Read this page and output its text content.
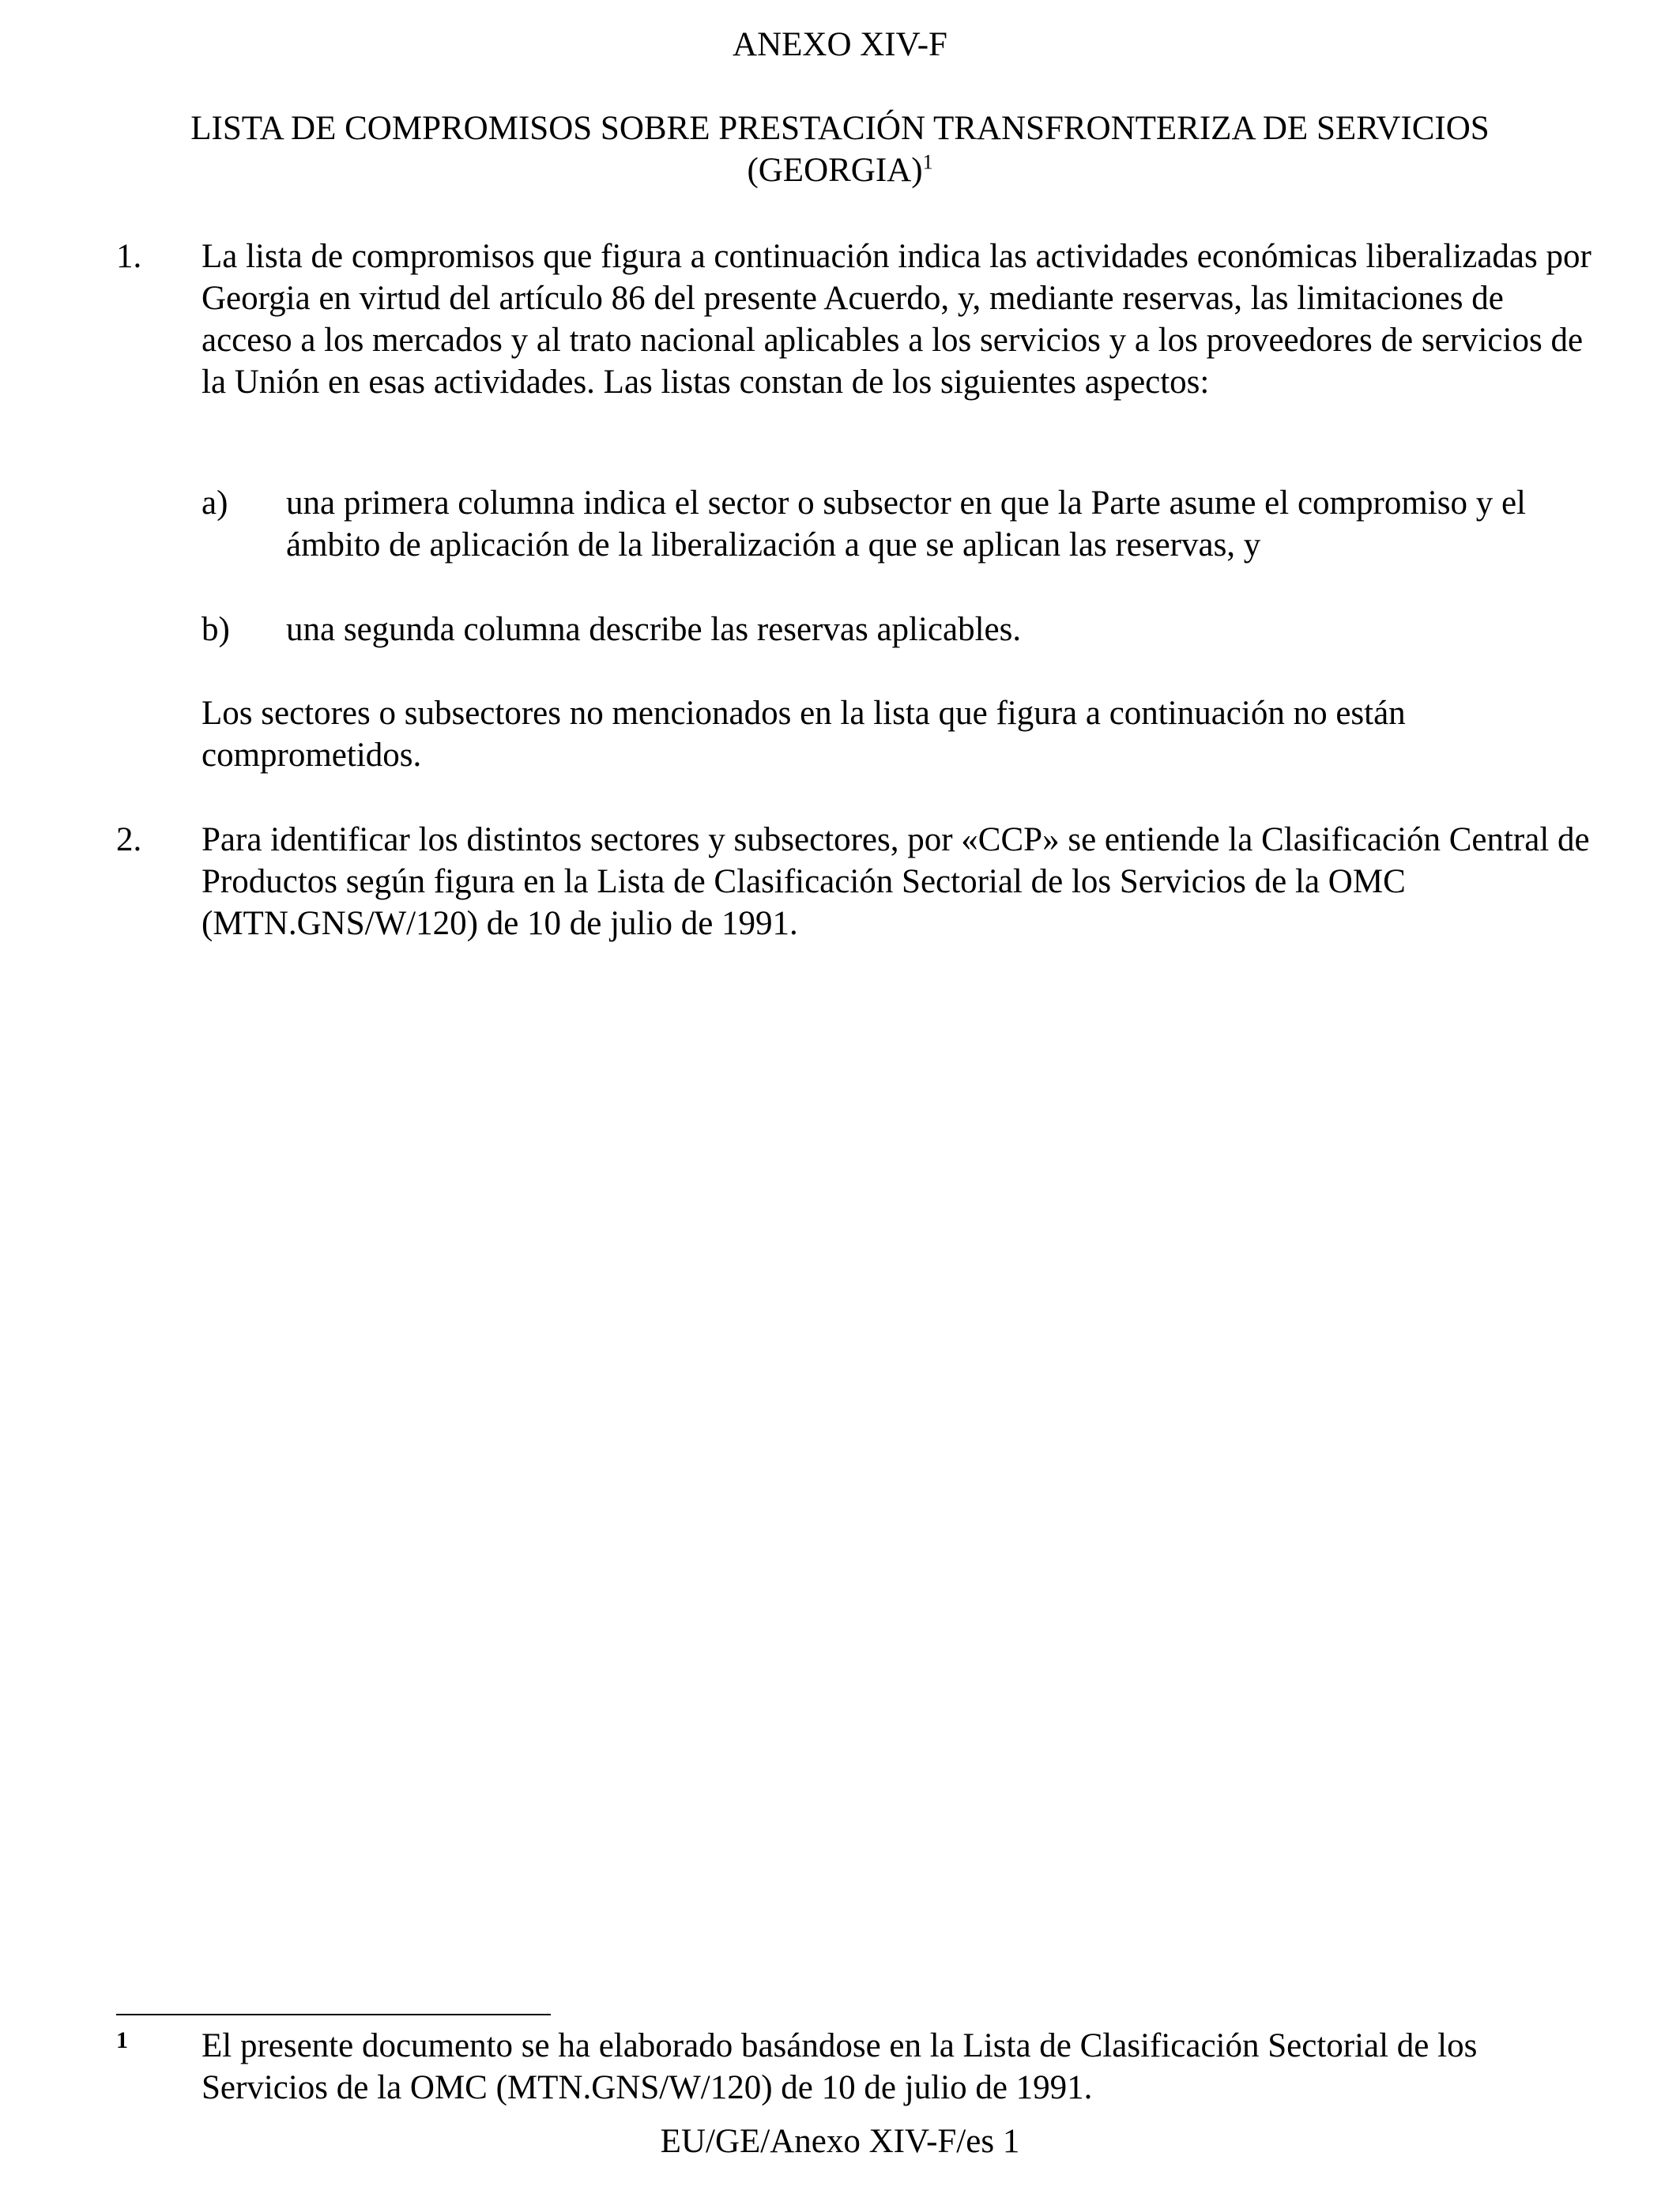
ANEXO XIV-F
LISTA DE COMPROMISOS SOBRE PRESTACIÓN TRANSFRONTERIZA DE SERVICIOS
(GEORGIA)$^1$
1. La lista de compromisos que figura a continuación indica las actividades económicas liberalizadas por Georgia en virtud del artículo 86 del presente Acuerdo, y, mediante reservas, las limitaciones de acceso a los mercados y al trato nacional aplicables a los servicios y a los proveedores de servicios de la Unión en esas actividades. Las listas constan de los siguientes aspectos:
a) una primera columna indica el sector o subsector en que la Parte asume el compromiso y el ámbito de aplicación de la liberalización a que se aplican las reservas, y
b) una segunda columna describe las reservas aplicables.
Los sectores o subsectores no mencionados en la lista que figura a continuación no están comprometidos.
2. Para identificar los distintos sectores y subsectores, por «CCP» se entiende la Clasificación Central de Productos según figura en la Lista de Clasificación Sectorial de los Servicios de la OMC (MTN.GNS/W/120) de 10 de julio de 1991.
1 El presente documento se ha elaborado basándose en la Lista de Clasificación Sectorial de los Servicios de la OMC (MTN.GNS/W/120) de 10 de julio de 1991.
EU/GE/Anexo XIV-F/es 1
